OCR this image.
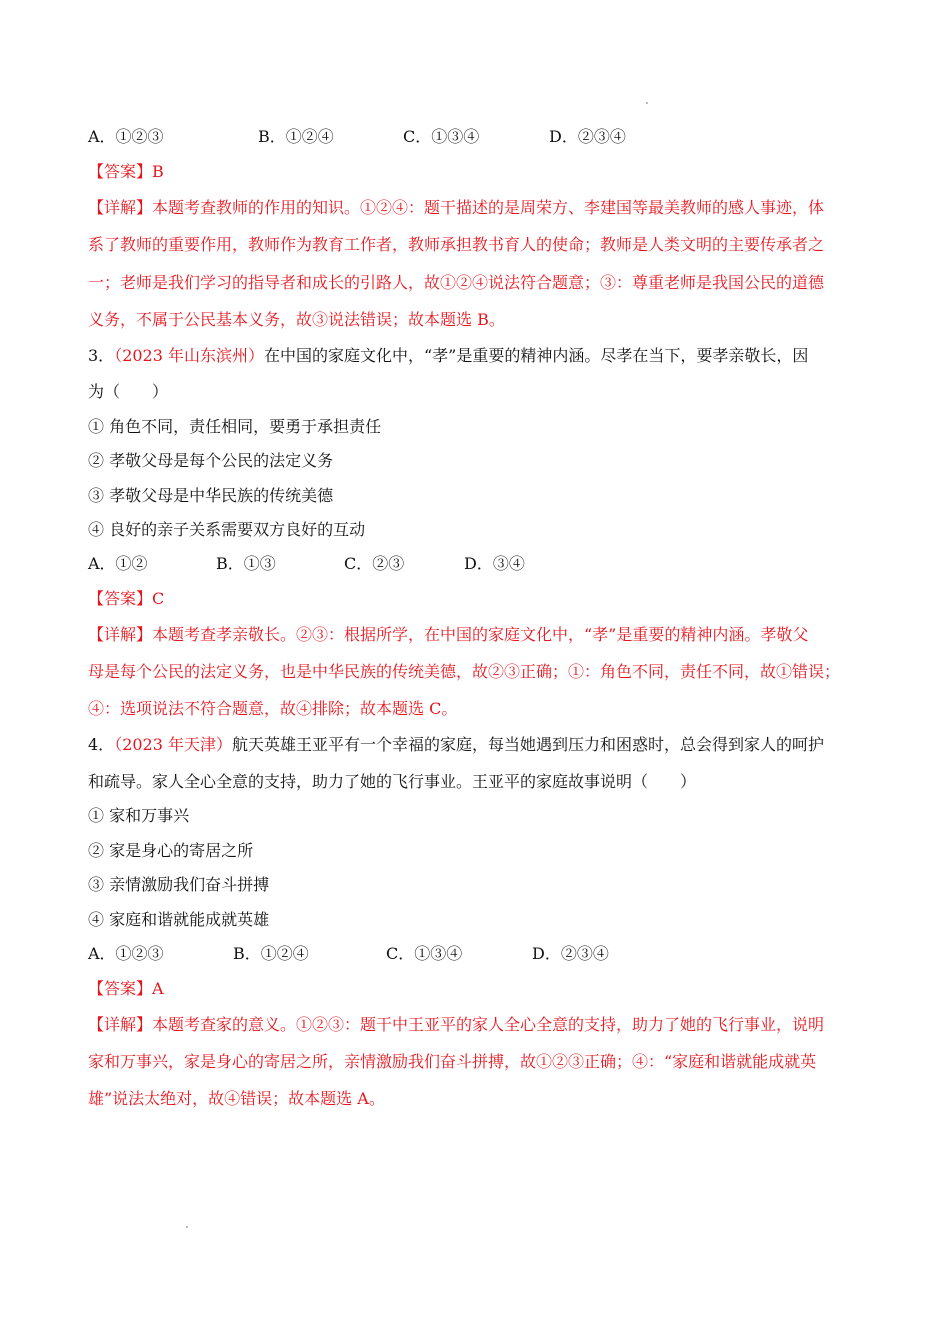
A．①②③	B．①②④	C．①③④	D．②③④
【答案】B
【详解】本题考查教师的作用的知识。①②④：题干描述的是周荣方、李建国等最美教师的感人事迹，体
系了教师的重要作用，教师作为教育工作者，教师承担教书育人的使命；教师是人类文明的主要传承者之
一；老师是我们学习的指导者和成长的引路人，故①②④说法符合题意；③：尊重老师是我国公民的道德
义务，不属于公民基本义务，故③说法错误；故本题选 B。
3．（2023 年山东滨州）在中国的家庭文化中，“孝”是重要的精神内涵。尽孝在当下，要孝亲敬长，因
为（　　）
① 角色不同，责任相同，要勇于承担责任
② 孝敬父母是每个公民的法定义务
③ 孝敬父母是中华民族的传统美德
④ 良好的亲子关系需要双方良好的互动
A．①②	B．①③	C．②③	D．③④
【答案】C
【详解】本题考查孝亲敬长。②③：根据所学，在中国的家庭文化中，“孝”是重要的精神内涵。孝敬父
母是每个公民的法定义务，也是中华民族的传统美德，故②③正确；①：角色不同，责任不同，故①错误；
④：选项说法不符合题意，故④排除；故本题选 C。
4．（2023 年天津）航天英雄王亚平有一个幸福的家庭，每当她遇到压力和困惑时，总会得到家人的呵护
和疏导。家人全心全意的支持，助力了她的飞行事业。王亚平的家庭故事说明（　　）
① 家和万事兴
② 家是身心的寄居之所
③ 亲情激励我们奋斗拼搏
④ 家庭和谐就能成就英雄
A．①②③	B．①②④	C．①③④	D．②③④
【答案】A
【详解】本题考查家的意义。①②③：题干中王亚平的家人全心全意的支持，助力了她的飞行事业，说明
家和万事兴，家是身心的寄居之所，亲情激励我们奋斗拼搏，故①②③正确；④：“家庭和谐就能成就英
雄”说法太绝对，故④错误；故本题选 A。
